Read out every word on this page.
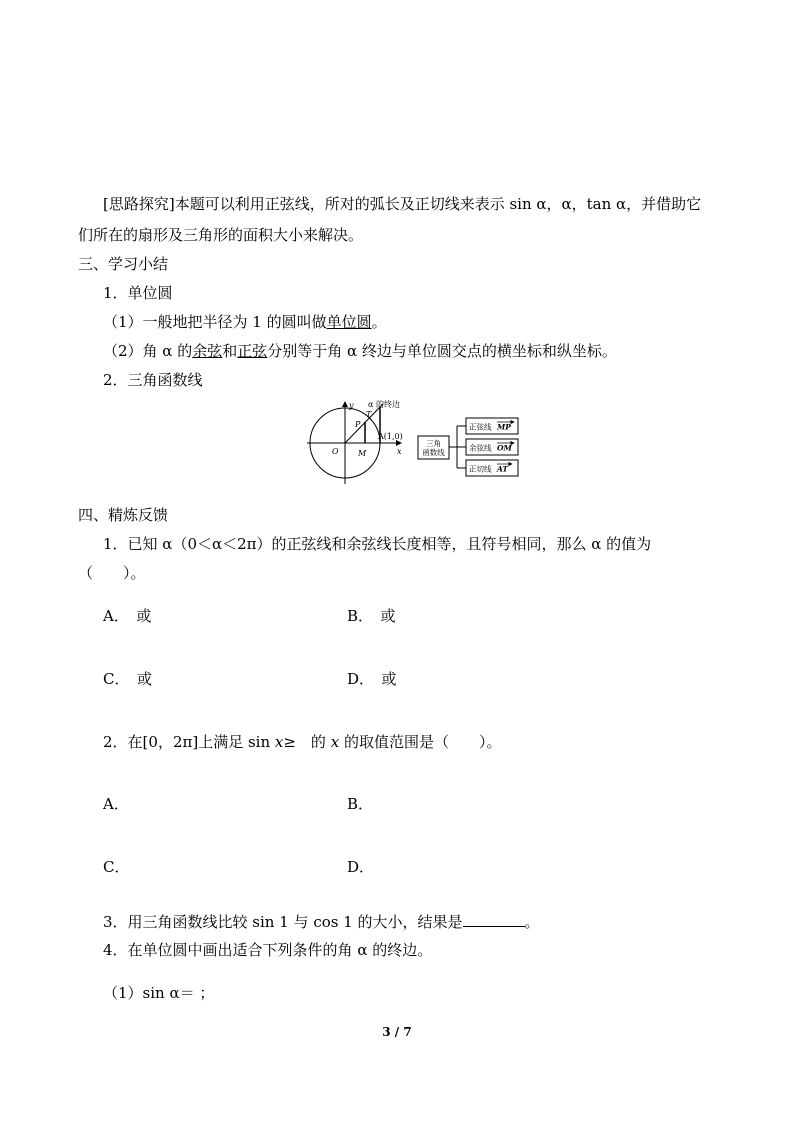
[思路探究]本题可以利用正弦线，所对的弧长及正切线来表示 sin α，α，tan α，并借助它
们所在的扇形及三角形的面积大小来解决。
三、学习小结
1．单位圆
（1）一般地把半径为 1 的圆叫做单位圆。
（2）角 α 的余弦和正弦分别等于角 α 终边与单位圆交点的横坐标和纵坐标。
2．三角函数线
y
x
O M
P
T
A(1,0)
α 的终边
三角
函数线
正弦线 MP
余弦线 OM
正切线 AT
四、精炼反馈
1．已知 α（0＜α＜2π）的正弦线和余弦线长度相等，且符号相同，那么 α 的值为
（　　）。
A．　或	B．　或
C．　或	D．　或
2．在[0，2π]上满足 sin x≥　的 x 的取值范围是（　　）。
A．	B．
C．	D．
3．用三角函数线比较 sin 1 与 cos 1 的大小，结果是	。
4．在单位圆中画出适合下列条件的角 α 的终边。
（1）sin α＝ ；
3 / 7
